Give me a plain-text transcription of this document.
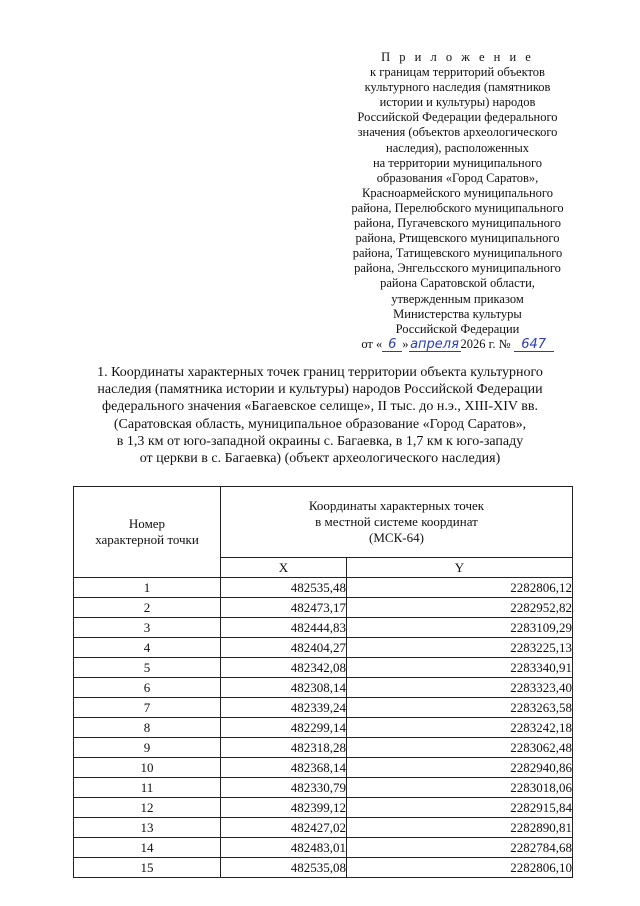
П р и л о ж е н и е
к границам территорий объектов
культурного наследия (памятников
истории и культуры) народов
Российской Федерации федерального
значения (объектов археологического
наследия), расположенных
на территории муниципального
образования «Город Саратов»,
Красноармейского муниципального
района, Перелюбского муниципального
района, Пугачевского муниципального
района, Ртищевского муниципального
района, Татищевского муниципального
района, Энгельсского муниципального
района Саратовской области,
утвержденным приказом
Министерства культуры
Российской Федерации
от « 6 » апреля 2026 г. № 647
1. Координаты характерных точек границ территории объекта культурного
наследия (памятника истории и культуры) народов Российской Федерации
федерального значения «Багаевское селище», II тыс. до н.э., XIII-XIV вв.
(Саратовская область, муниципальное образование «Город Саратов»,
в 1,3 км от юго-западной окраины с. Багаевка, в 1,7 км к юго-западу
от церкви в с. Багаевка) (объект археологического наследия)
Номер
характерной точки	Координаты характерных точек
в местной системе координат
(МСК-64)	
	X	Y
1	482535,48	2282806,12
2	482473,17	2282952,82
3	482444,83	2283109,29
4	482404,27	2283225,13
5	482342,08	2283340,91
6	482308,14	2283323,40
7	482339,24	2283263,58
8	482299,14	2283242,18
9	482318,28	2283062,48
10	482368,14	2282940,86
11	482330,79	2283018,06
12	482399,12	2282915,84
13	482427,02	2282890,81
14	482483,01	2282784,68
15	482535,08	2282806,10
